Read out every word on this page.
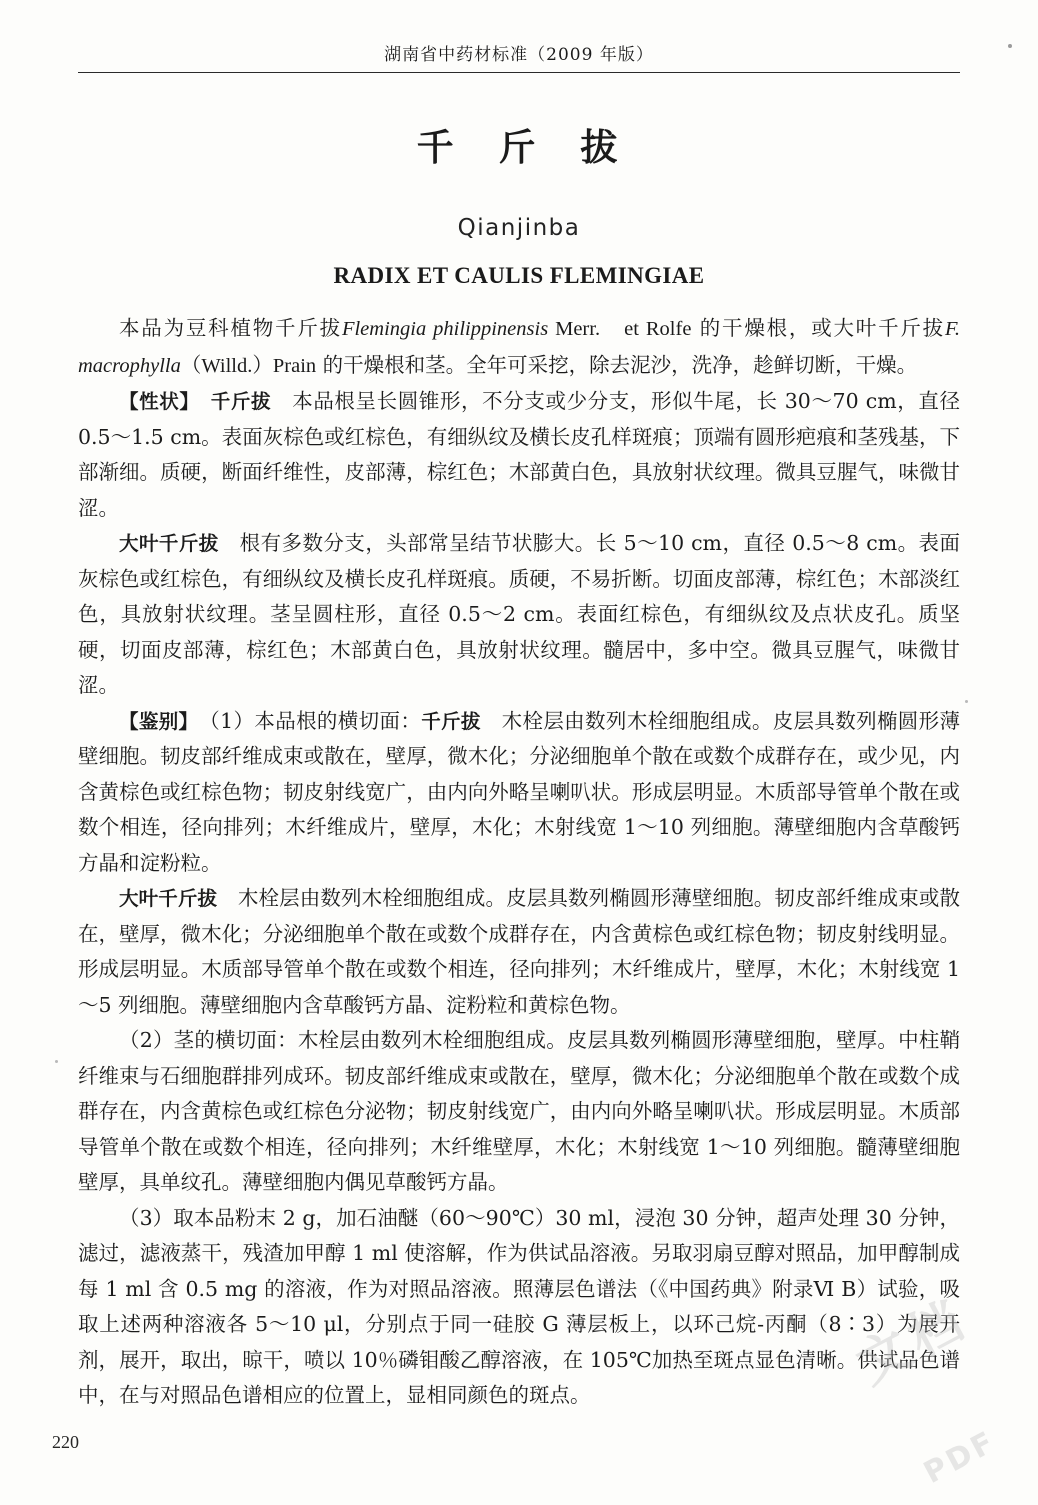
湖南省中药材标准（2009 年版）
千 斤 拔
Qianjinba
RADIX ET CAULIS FLEMINGIAE

本品为豆科植物千斤拔Flemingia philippinensis Merr.　et Rolfe 的干燥根，或大叶千斤拔F. macrophylla（Willd.）Prain 的干燥根和茎。全年可采挖，除去泥沙，洗净，趁鲜切断，干燥。

【性状】　 千斤拔　本品根呈长圆锥形，不分支或少分支，形似牛尾，长 30～70 cm，直径 0.5～1.5 cm。表面灰棕色或红棕色，有细纵纹及横长皮孔样斑痕；顶端有圆形疤痕和茎残基，下部渐细。质硬，断面纤维性，皮部薄，棕红色；木部黄白色，具放射状纹理。微具豆腥气，味微甘涩。

大叶千斤拔　根有多数分支，头部常呈结节状膨大。长 5～10 cm，直径 0.5～8 cm。表面灰棕色或红棕色，有细纵纹及横长皮孔样斑痕。质硬，不易折断。切面皮部薄，棕红色；木部淡红色，具放射状纹理。茎呈圆柱形，直径 0.5～2 cm。表面红棕色，有细纵纹及点状皮孔。质坚硬，切面皮部薄，棕红色；木部黄白色，具放射状纹理。髓居中，多中空。微具豆腥气，味微甘涩。

【鉴别】　 （1）本品根的横切面：千斤拔　木栓层由数列木栓细胞组成。皮层具数列椭圆形薄壁细胞。韧皮部纤维成束或散在，壁厚，微木化；分泌细胞单个散在或数个成群存在，或少见，内含黄棕色或红棕色物；韧皮射线宽广，由内向外略呈喇叭状。形成层明显。木质部导管单个散在或数个相连，径向排列；木纤维成片，壁厚，木化；木射线宽 1～10 列细胞。薄壁细胞内含草酸钙方晶和淀粉粒。

大叶千斤拔　木栓层由数列木栓细胞组成。皮层具数列椭圆形薄壁细胞。韧皮部纤维成束或散在，壁厚，微木化；分泌细胞单个散在或数个成群存在，内含黄棕色或红棕色物；韧皮射线明显。形成层明显。木质部导管单个散在或数个相连，径向排列；木纤维成片，壁厚，木化；木射线宽 1～5 列细胞。薄壁细胞内含草酸钙方晶、淀粉粒和黄棕色物。

（2）茎的横切面：木栓层由数列木栓细胞组成。皮层具数列椭圆形薄壁细胞，壁厚。中柱鞘纤维束与石细胞群排列成环。韧皮部纤维成束或散在，壁厚，微木化；分泌细胞单个散在或数个成群存在，内含黄棕色或红棕色分泌物；韧皮射线宽广，由内向外略呈喇叭状。形成层明显。木质部导管单个散在或数个相连，径向排列；木纤维壁厚，木化；木射线宽 1～10 列细胞。髓薄壁细胞壁厚，具单纹孔。薄壁细胞内偶见草酸钙方晶。

（3）取本品粉末 2 g，加石油醚（60～90℃）30 ml，浸泡 30 分钟，超声处理 30 分钟，滤过，滤液蒸干，残渣加甲醇 1 ml 使溶解，作为供试品溶液。另取羽扇豆醇对照品，加甲醇制成每 1 ml 含 0.5 mg 的溶液，作为对照品溶液。照薄层色谱法（《中国药典》附录Ⅵ B）试验，吸取上述两种溶液各 5～10 μl，分别点于同一硅胶 G 薄层板上，以环己烷-丙酮（8∶3）为展开剂，展开，取出，晾干，喷以 10％磷钼酸乙醇溶液，在 105℃加热至斑点显色清晰。供试品色谱中，在与对照品色谱相应的位置上，显相同颜色的斑点。

220
文档
PDF
